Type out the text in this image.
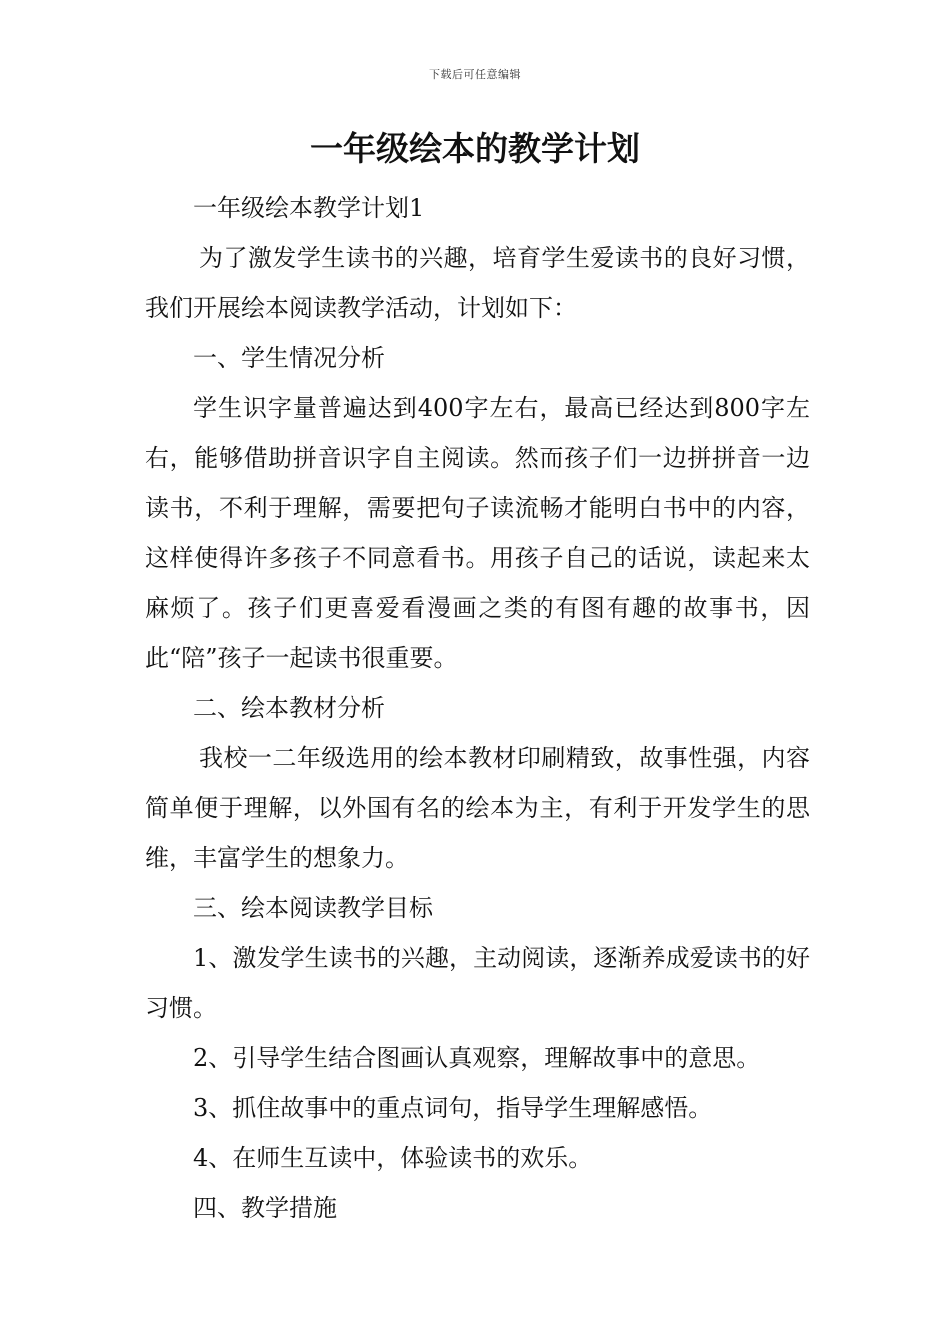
下载后可任意编辑
一年级绘本的教学计划

一年级绘本教学计划1

为了激发学生读书的兴趣，培育学生爱读书的良好习惯，我们开展绘本阅读教学活动，计划如下：

一、学生情况分析

学生识字量普遍达到400字左右，最高已经达到800字左右，能够借助拼音识字自主阅读。然而孩子们一边拼拼音一边读书，不利于理解，需要把句子读流畅才能明白书中的内容，这样使得许多孩子不同意看书。用孩子自己的话说，读起来太麻烦了。孩子们更喜爱看漫画之类的有图有趣的故事书，因此“陪”孩子一起读书很重要。

二、绘本教材分析

我校一二年级选用的绘本教材印刷精致，故事性强，内容简单便于理解，以外国有名的绘本为主，有利于开发学生的思维，丰富学生的想象力。

三、绘本阅读教学目标

1、激发学生读书的兴趣，主动阅读，逐渐养成爱读书的好习惯。

2、引导学生结合图画认真观察，理解故事中的意思。

3、抓住故事中的重点词句，指导学生理解感悟。

4、在师生互读中，体验读书的欢乐。

四、教学措施
